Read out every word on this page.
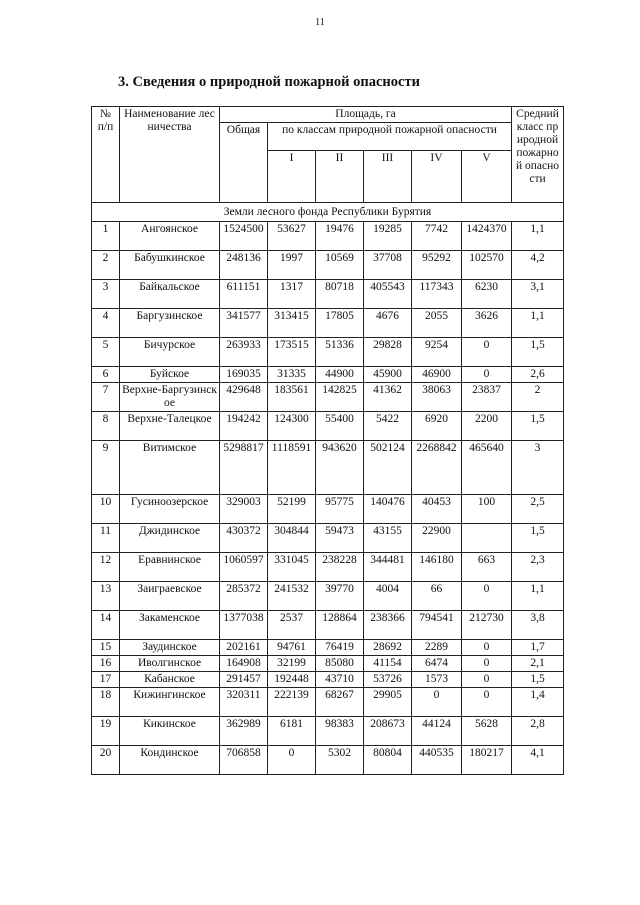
11
3. Сведения о природной пожарной опасности
№ п/п	Наименование лесничества	Площадь, га						Средний класс природной пожарной опасности
		Общая	по классам природной пожарной опасности					
			I	II	III	IV	V	
Земли лесного фонда Республики Бурятия								
1	Ангоянское	1524500	53627	19476	19285	7742	1424370	1,1
2	Бабушкинское	248136	1997	10569	37708	95292	102570	4,2
3	Байкальское	611151	1317	80718	405543	117343	6230	3,1
4	Баргузинское	341577	313415	17805	4676	2055	3626	1,1
5	Бичурское	263933	173515	51336	29828	9254	0	1,5
6	Буйское	169035	31335	44900	45900	46900	0	2,6
7	Верхне-Баргузинское	429648	183561	142825	41362	38063	23837	2
8	Верхне-Талецкое	194242	124300	55400	5422	6920	2200	1,5
9	Витимское	5298817	1118591	943620	502124	2268842	465640	3
10	Гусиноозерское	329003	52199	95775	140476	40453	100	2,5
11	Джидинское	430372	304844	59473	43155	22900		1,5
12	Еравнинское	1060597	331045	238228	344481	146180	663	2,3
13	Заиграевское	285372	241532	39770	4004	66	0	1,1
14	Закаменское	1377038	2537	128864	238366	794541	212730	3,8
15	Заудинское	202161	94761	76419	28692	2289	0	1,7
16	Иволгинское	164908	32199	85080	41154	6474	0	2,1
17	Кабанское	291457	192448	43710	53726	1573	0	1,5
18	Кижингинское	320311	222139	68267	29905	0	0	1,4
19	Кикинское	362989	6181	98383	208673	44124	5628	2,8
20	Кондинское	706858	0	5302	80804	440535	180217	4,1
